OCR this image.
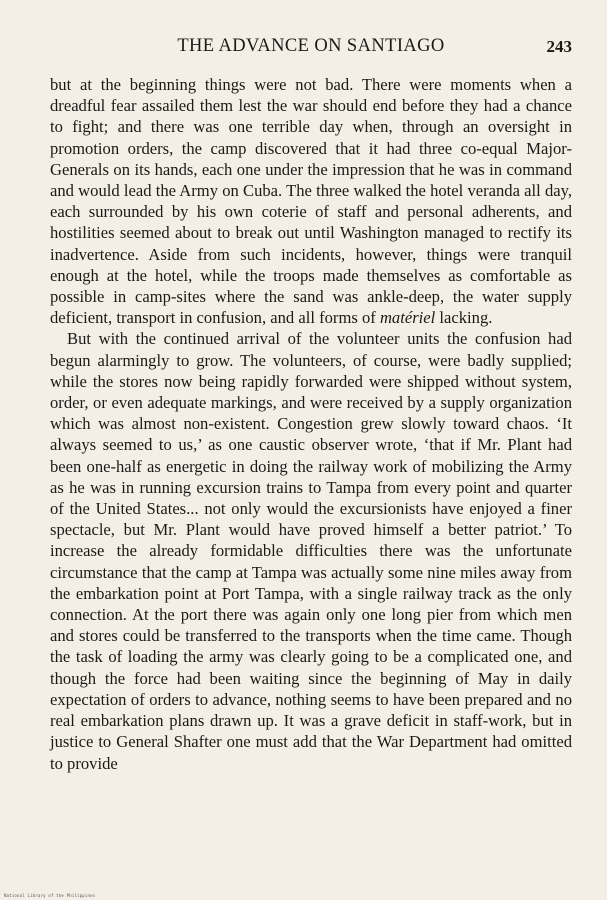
THE ADVANCE ON SANTIAGO	243

but at the beginning things were not bad. There were moments when a dreadful fear assailed them lest the war should end before they had a chance to fight; and there was one terrible day when, through an oversight in promotion orders, the camp discovered that it had three co-equal Major-Generals on its hands, each one under the impression that he was in command and would lead the Army on Cuba. The three walked the hotel veranda all day, each surrounded by his own coterie of staff and personal adherents, and hostilities seemed about to break out until Washington managed to rectify its inadvertence. Aside from such incidents, however, things were tranquil enough at the hotel, while the troops made themselves as comfortable as possible in camp-sites where the sand was ankle-deep, the water supply deficient, transport in confusion, and all forms of matériel lacking.

But with the continued arrival of the volunteer units the confusion had begun alarmingly to grow. The volunteers, of course, were badly supplied; while the stores now being rapidly forwarded were shipped without system, order, or even adequate markings, and were received by a supply organization which was almost non-existent. Congestion grew slowly toward chaos. ‘It always seemed to us,’ as one caustic observer wrote, ‘that if Mr. Plant had been one-half as energetic in doing the railway work of mobilizing the Army as he was in running excursion trains to Tampa from every point and quarter of the United States... not only would the excursionists have enjoyed a finer spectacle, but Mr. Plant would have proved himself a better patriot.’ To increase the already formidable difficulties there was the unfortunate circumstance that the camp at Tampa was actually some nine miles away from the embarkation point at Port Tampa, with a single railway track as the only connection. At the port there was again only one long pier from which men and stores could be transferred to the transports when the time came. Though the task of loading the army was clearly going to be a complicated one, and though the force had been waiting since the beginning of May in daily expectation of orders to advance, nothing seems to have been prepared and no real embarkation plans drawn up. It was a grave deficit in staff-work, but in justice to General Shafter one must add that the War Department had omitted to provide

National Library of the Philippines
